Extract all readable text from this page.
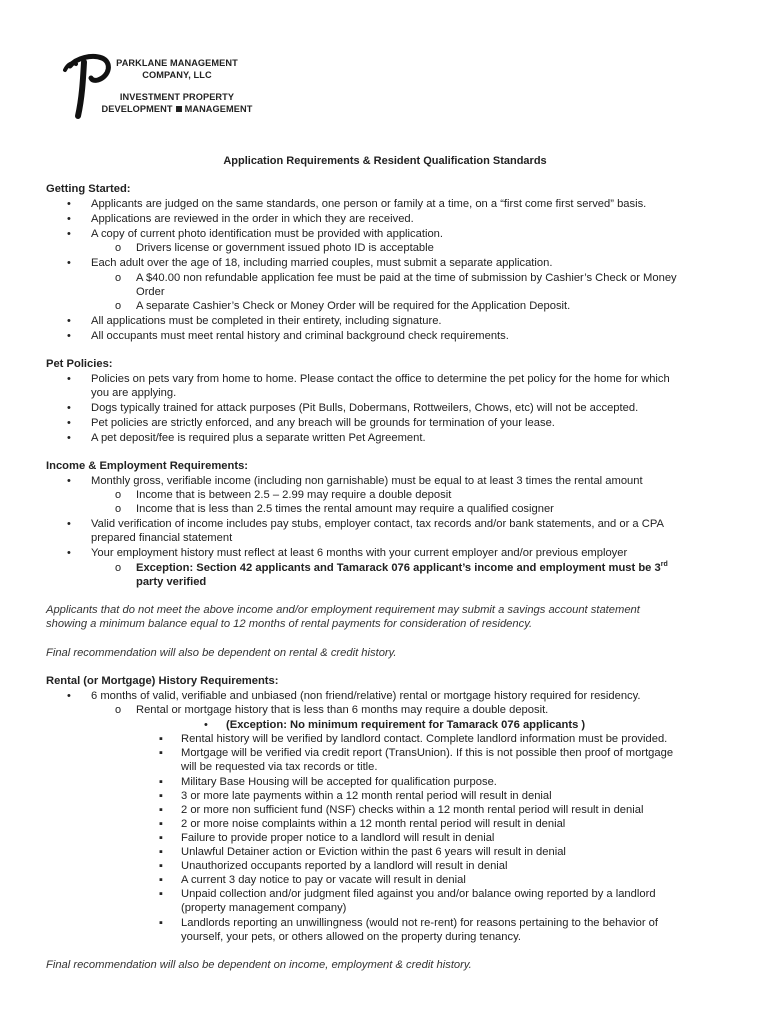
PARKLANE MANAGEMENT
COMPANY, LLC
INVESTMENT PROPERTY
DEVELOPMENT MANAGEMENT
Application Requirements & Resident Qualification Standards
Getting Started:
• Applicants are judged on the same standards, one person or family at a time, on a “first come first served” basis.
• Applications are reviewed in the order in which they are received.
• A copy of current photo identification must be provided with application.
o Drivers license or government issued photo ID is acceptable
• Each adult over the age of 18, including married couples, must submit a separate application.
o A $40.00 non refundable application fee must be paid at the time of submission by Cashier’s Check or Money
Order
o A separate Cashier’s Check or Money Order will be required for the Application Deposit.
• All applications must be completed in their entirety, including signature.
• All occupants must meet rental history and criminal background check requirements.
Pet Policies:
• Policies on pets vary from home to home. Please contact the office to determine the pet policy for the home for which
you are applying.
• Dogs typically trained for attack purposes (Pit Bulls, Dobermans, Rottweilers, Chows, etc) will not be accepted.
• Pet policies are strictly enforced, and any breach will be grounds for termination of your lease.
• A pet deposit/fee is required plus a separate written Pet Agreement.
Income & Employment Requirements:
• Monthly gross, verifiable income (including non garnishable) must be equal to at least 3 times the rental amount
o Income that is between 2.5 – 2.99 may require a double deposit
o Income that is less than 2.5 times the rental amount may require a qualified cosigner
• Valid verification of income includes pay stubs, employer contact, tax records and/or bank statements, and or a CPA
prepared financial statement
• Your employment history must reflect at least 6 months with your current employer and/or previous employer
o Exception: Section 42 applicants and Tamarack 076 applicant’s income and employment must be 3rd
party verified
Applicants that do not meet the above income and/or employment requirement may submit a savings account statement
showing a minimum balance equal to 12 months of rental payments for consideration of residency.
Final recommendation will also be dependent on rental & credit history.
Rental (or Mortgage) History Requirements:
• 6 months of valid, verifiable and unbiased (non friend/relative) rental or mortgage history required for residency.
o Rental or mortgage history that is less than 6 months may require a double deposit.
• (Exception: No minimum requirement for Tamarack 076 applicants )
▪ Rental history will be verified by landlord contact. Complete landlord information must be provided.
▪ Mortgage will be verified via credit report (TransUnion). If this is not possible then proof of mortgage
will be requested via tax records or title.
▪ Military Base Housing will be accepted for qualification purpose.
▪ 3 or more late payments within a 12 month rental period will result in denial
▪ 2 or more non sufficient fund (NSF) checks within a 12 month rental period will result in denial
▪ 2 or more noise complaints within a 12 month rental period will result in denial
▪ Failure to provide proper notice to a landlord will result in denial
▪ Unlawful Detainer action or Eviction within the past 6 years will result in denial
▪ Unauthorized occupants reported by a landlord will result in denial
▪ A current 3 day notice to pay or vacate will result in denial
▪ Unpaid collection and/or judgment filed against you and/or balance owing reported by a landlord
(property management company)
▪ Landlords reporting an unwillingness (would not re-rent) for reasons pertaining to the behavior of
yourself, your pets, or others allowed on the property during tenancy.
Final recommendation will also be dependent on income, employment & credit history.
